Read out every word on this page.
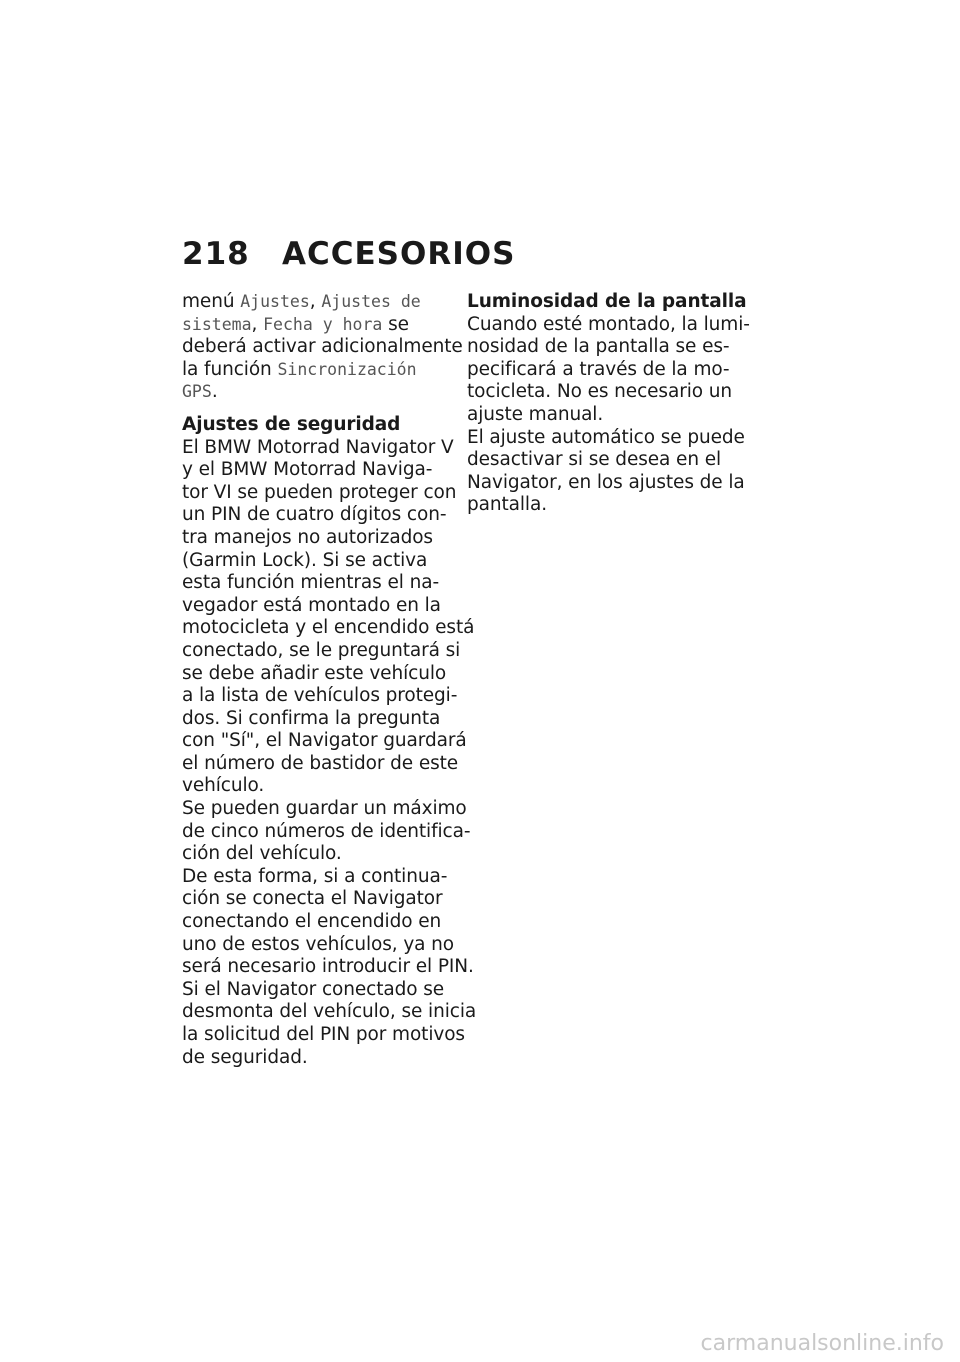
218	ACCESORIOS
menú Ajustes, Ajustes de
sistema, Fecha y hora se
deberá activar adicionalmente
la función Sincronización
GPS.
Ajustes de seguridad
El BMW Motorrad Navigator V
y el BMW Motorrad Naviga-
tor VI se pueden proteger con
un PIN de cuatro dígitos con-
tra manejos no autorizados
(Garmin Lock). Si se activa
esta función mientras el na-
vegador está montado en la
motocicleta y el encendido está
conectado, se le preguntará si
se debe añadir este vehículo
a la lista de vehículos protegi-
dos. Si confirma la pregunta
con "Sí", el Navigator guardará
el número de bastidor de este
vehículo.
Se pueden guardar un máximo
de cinco números de identifica-
ción del vehículo.
De esta forma, si a continua-
ción se conecta el Navigator
conectando el encendido en
uno de estos vehículos, ya no
será necesario introducir el PIN.
Si el Navigator conectado se
desmonta del vehículo, se inicia
la solicitud del PIN por motivos
de seguridad.
Luminosidad de la pantalla
Cuando esté montado, la lumi-
nosidad de la pantalla se es-
pecificará a través de la mo-
tocicleta. No es necesario un
ajuste manual.
El ajuste automático se puede
desactivar si se desea en el
Navigator, en los ajustes de la
pantalla.
carmanualsonline.info
